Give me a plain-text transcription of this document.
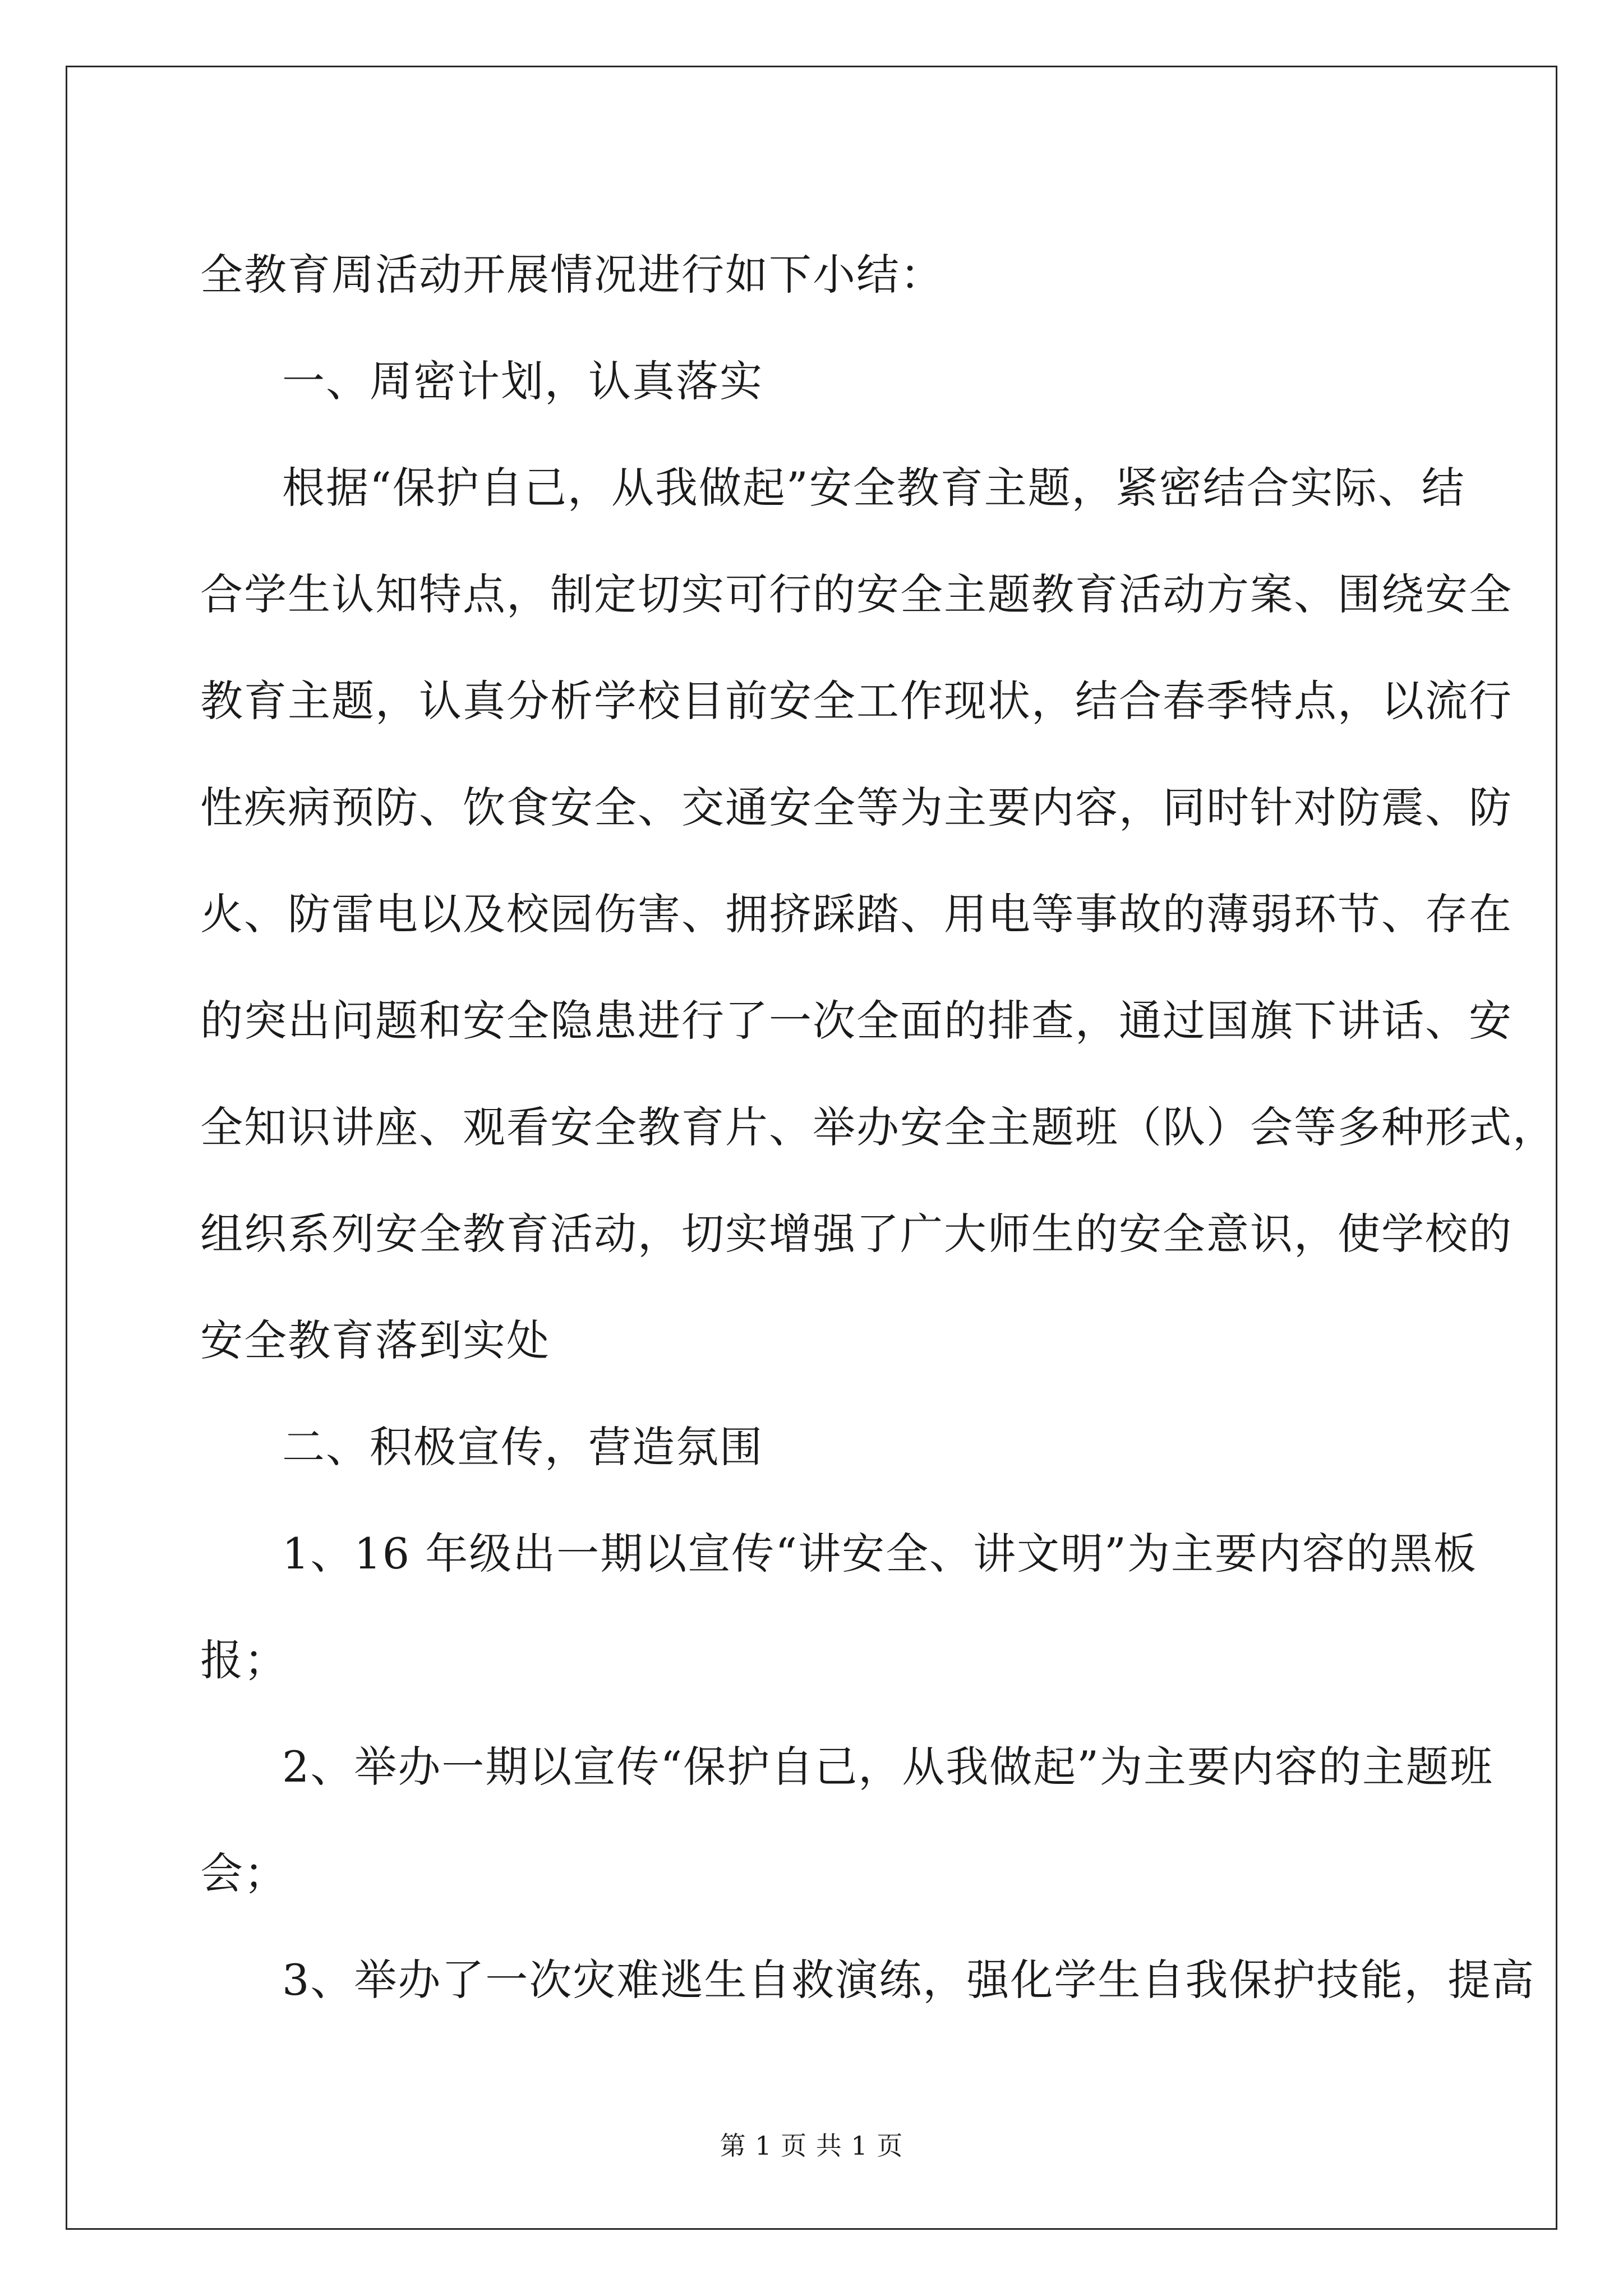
全教育周活动开展情况进行如下小结：
一、周密计划，认真落实
根据“保护自己，从我做起”安全教育主题，紧密结合实际、结
合学生认知特点，制定切实可行的安全主题教育活动方案、围绕安全
教育主题，认真分析学校目前安全工作现状，结合春季特点，以流行
性疾病预防、饮食安全、交通安全等为主要内容，同时针对防震、防
火、防雷电以及校园伤害、拥挤踩踏、用电等事故的薄弱环节、存在
的突出问题和安全隐患进行了一次全面的排查，通过国旗下讲话、安
全知识讲座、观看安全教育片、举办安全主题班（队）会等多种形式，
组织系列安全教育活动，切实增强了广大师生的安全意识，使学校的
安全教育落到实处
二、积极宣传，营造氛围
1、16 年级出一期以宣传“讲安全、讲文明”为主要内容的黑板
报；
2、举办一期以宣传“保护自己，从我做起”为主要内容的主题班
会；
3、举办了一次灾难逃生自救演练，强化学生自我保护技能，提高
第 1 页 共 1 页
